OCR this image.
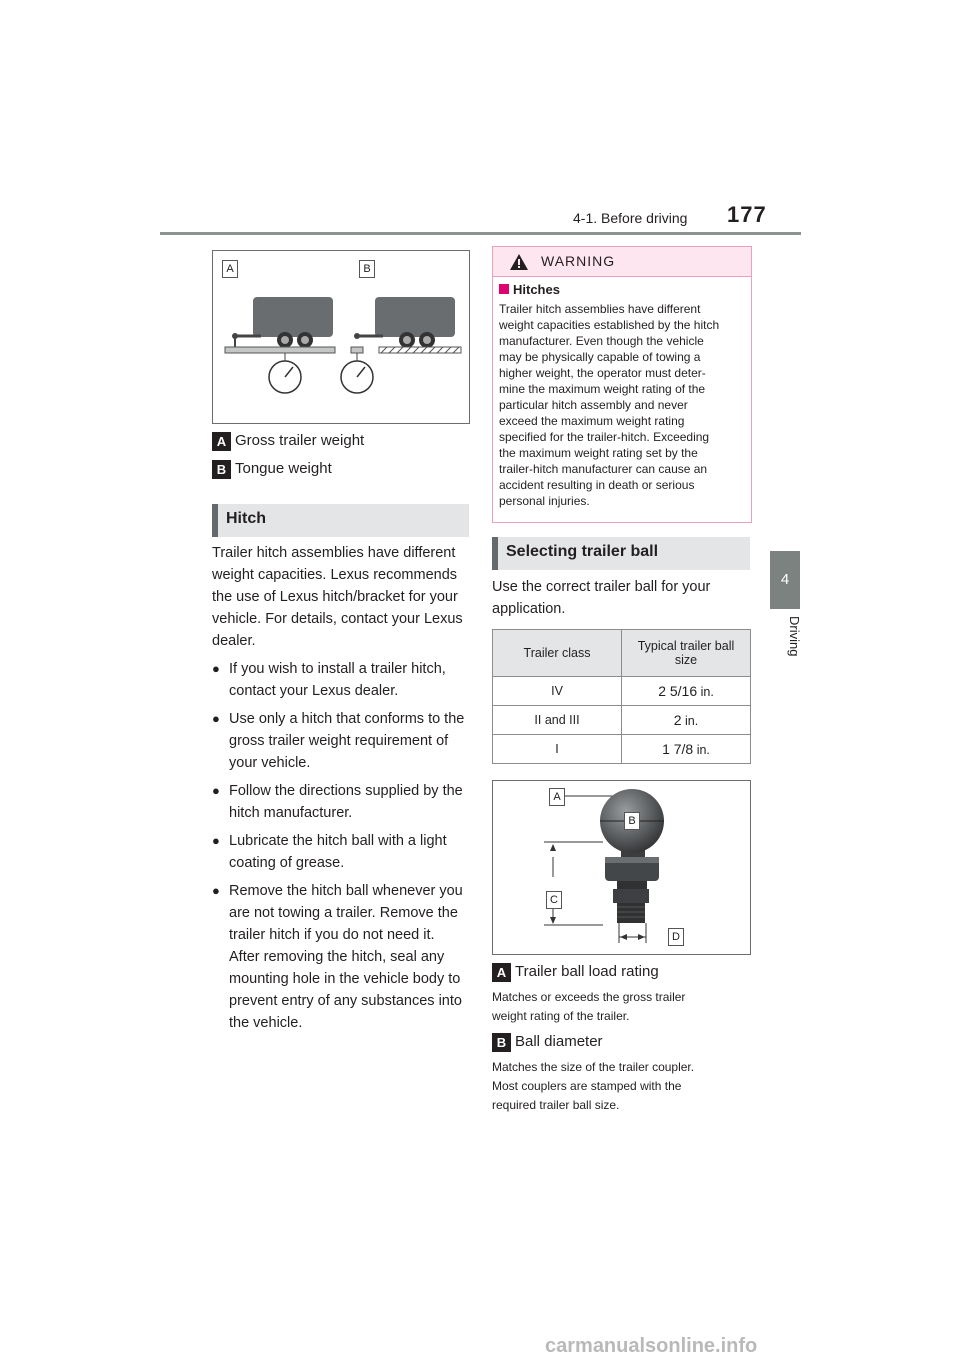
4-1. Before driving 177
4
Driving
A	B
A Gross trailer weight
B Tongue weight
Hitch
Trailer hitch assemblies have different
weight capacities. Lexus recommends
the use of Lexus hitch/bracket for your
vehicle. For details, contact your Lexus
dealer.
● If you wish to install a trailer hitch, contact your Lexus dealer.
● Use only a hitch that conforms to the gross trailer weight requirement of your vehicle.
● Follow the directions supplied by the hitch manufacturer.
● Lubricate the hitch ball with a light coating of grease.
● Remove the hitch ball whenever you are not towing a trailer. Remove the trailer hitch if you do not need it. After removing the hitch, seal any mounting hole in the vehicle body to prevent entry of any substances into the vehicle.
WARNING
Hitches
Trailer hitch assemblies have different
weight capacities established by the hitch
manufacturer. Even though the vehicle
may be physically capable of towing a
higher weight, the operator must deter-
mine the maximum weight rating of the
particular hitch assembly and never
exceed the maximum weight rating
specified for the trailer-hitch. Exceeding
the maximum weight rating set by the
trailer-hitch manufacturer can cause an
accident resulting in death or serious
personal injuries.
Selecting trailer ball
Use the correct trailer ball for your
application.
Trailer class	Typical trailer ball size
IV	2 5/16 in.
II and III	2 in.
I	1 7/8 in.
A
B
C
D
A Trailer ball load rating
Matches or exceeds the gross trailer
weight rating of the trailer.
B Ball diameter
Matches the size of the trailer coupler.
Most couplers are stamped with the
required trailer ball size.
carmanualsonline.info
